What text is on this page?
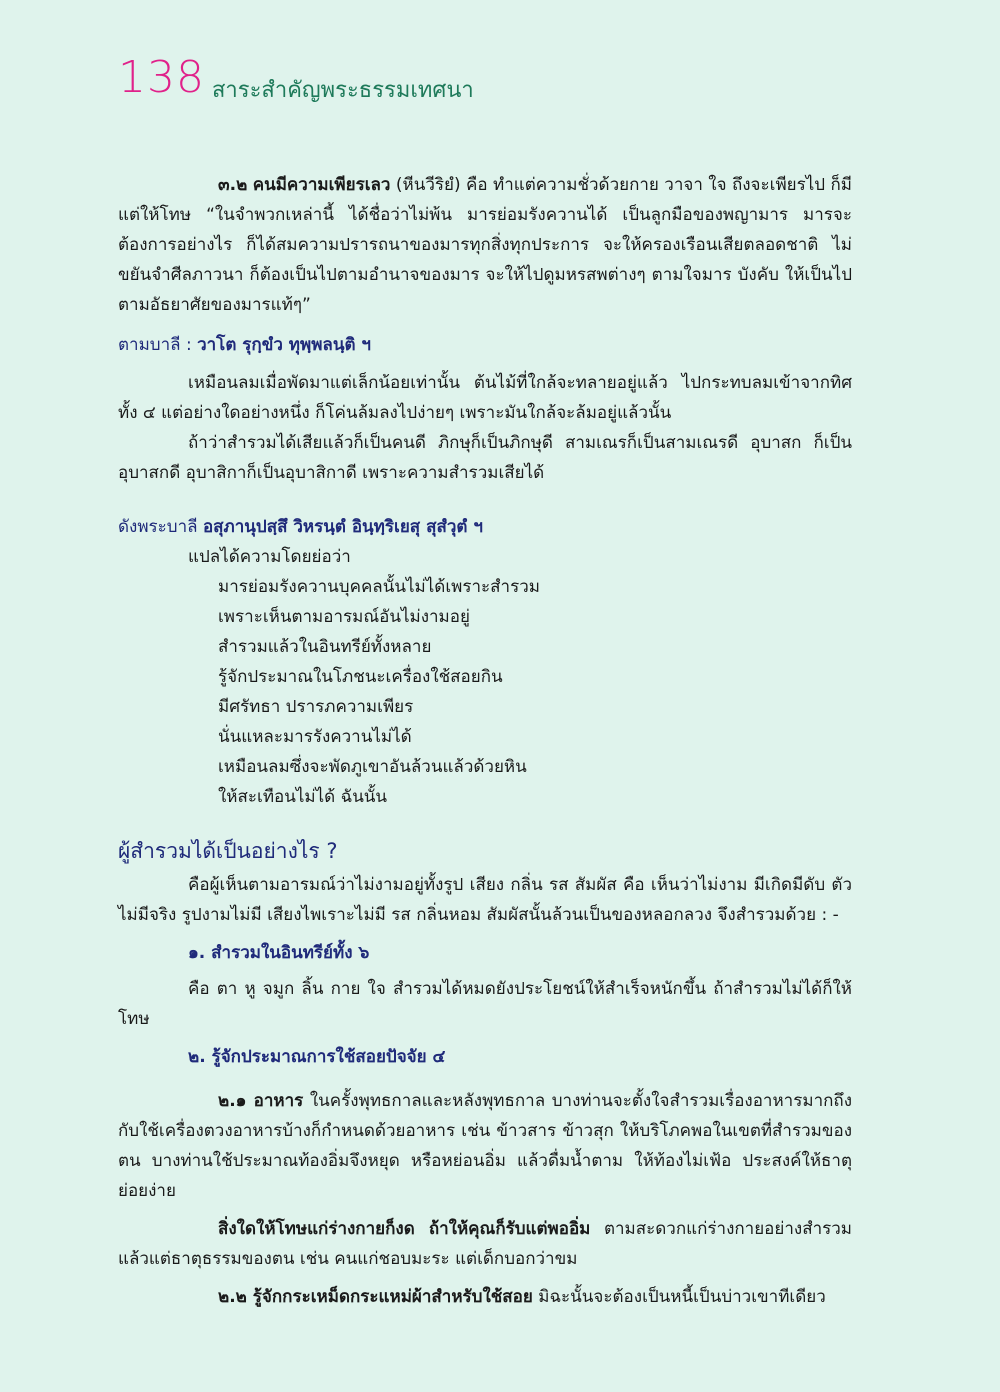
138 สาระสำคัญพระธรรมเทศนา

๓.๒ คนมีความเพียรเลว (หีนวีริยํ) คือ ทำแต่ความชั่วด้วยกาย วาจา ใจ ถึงจะเพียรไป ก็มีแต่ให้โทษ “ในจำพวกเหล่านี้ ได้ชื่อว่าไม่พ้น มารย่อมรังควานได้ เป็นลูกมือของพญามาร มารจะต้องการอย่างไร ก็ได้สมความปรารถนาของมารทุกสิ่งทุกประการ จะให้ครองเรือนเสียตลอดชาติ ไม่ขยันจำศีลภาวนา ก็ต้องเป็นไปตามอำนาจของมาร จะให้ไปดูมหรสพต่างๆ ตามใจมาร บังคับ ให้เป็นไปตามอัธยาศัยของมารแท้ๆ”

ตามบาลี : วาโต รุกฺขํว ทุพฺพลนฺติ ฯ

เหมือนลมเมื่อพัดมาแต่เล็กน้อยเท่านั้น ต้นไม้ที่ใกล้จะทลายอยู่แล้ว ไปกระทบลมเข้าจากทิศทั้ง ๔ แต่อย่างใดอย่างหนึ่ง ก็โค่นล้มลงไปง่ายๆ เพราะมันใกล้จะล้มอยู่แล้วนั้น

ถ้าว่าสำรวมได้เสียแล้วก็เป็นคนดี ภิกษุก็เป็นภิกษุดี สามเณรก็เป็นสามเณรดี อุบาสก ก็เป็นอุบาสกดี อุบาสิกาก็เป็นอุบาสิกาดี เพราะความสำรวมเสียได้

ดังพระบาลี อสุภานุปสฺสึ วิหรนฺตํ อินฺทฺริเยสุ สุสํวุตํ ฯ

แปลได้ความโดยย่อว่า

มารย่อมรังควานบุคคลนั้นไม่ได้เพราะสำรวม

เพราะเห็นตามอารมณ์อันไม่งามอยู่

สำรวมแล้วในอินทรีย์ทั้งหลาย

รู้จักประมาณในโภชนะเครื่องใช้สอยกิน

มีศรัทธา ปรารภความเพียร

นั่นแหละมารรังควานไม่ได้

เหมือนลมซึ่งจะพัดภูเขาอันล้วนแล้วด้วยหิน

ให้สะเทือนไม่ได้ ฉันนั้น

ผู้สำรวมได้เป็นอย่างไร ?

คือผู้เห็นตามอารมณ์ว่าไม่งามอยู่ทั้งรูป เสียง กลิ่น รส สัมผัส คือ เห็นว่าไม่งาม มีเกิดมีดับ ตัวไม่มีจริง รูปงามไม่มี เสียงไพเราะไม่มี รส กลิ่นหอม สัมผัสนั้นล้วนเป็นของหลอกลวง จึงสำรวมด้วย : -

๑. สำรวมในอินทรีย์ทั้ง ๖

คือ ตา หู จมูก ลิ้น กาย ใจ สำรวมได้หมดยังประโยชน์ให้สำเร็จหนักขึ้น ถ้าสำรวมไม่ได้ก็ให้โทษ

๒. รู้จักประมาณการใช้สอยปัจจัย ๔

๒.๑ อาหาร ในครั้งพุทธกาลและหลังพุทธกาล บางท่านจะตั้งใจสำรวมเรื่องอาหารมากถึง กับใช้เครื่องตวงอาหารบ้างก็กำหนดด้วยอาหาร เช่น ข้าวสาร ข้าวสุก ให้บริโภคพอในเขตที่สำรวมของตน บางท่านใช้ประมาณท้องอิ่มจึงหยุด หรือหย่อนอิ่ม แล้วดื่มน้ำตาม ให้ท้องไม่เฟ้อ ประสงค์ให้ธาตุย่อยง่าย

สิ่งใดให้โทษแก่ร่างกายก็งด ถ้าให้คุณก็รับแต่พออิ่ม ตามสะดวกแก่ร่างกายอย่างสำรวม แล้วแต่ธาตุธรรมของตน เช่น คนแก่ชอบมะระ แต่เด็กบอกว่าขม

๒.๒ รู้จักกระเหม็ดกระแหม่ผ้าสำหรับใช้สอย มิฉะนั้นจะต้องเป็นหนี้เป็นบ่าวเขาทีเดียว
